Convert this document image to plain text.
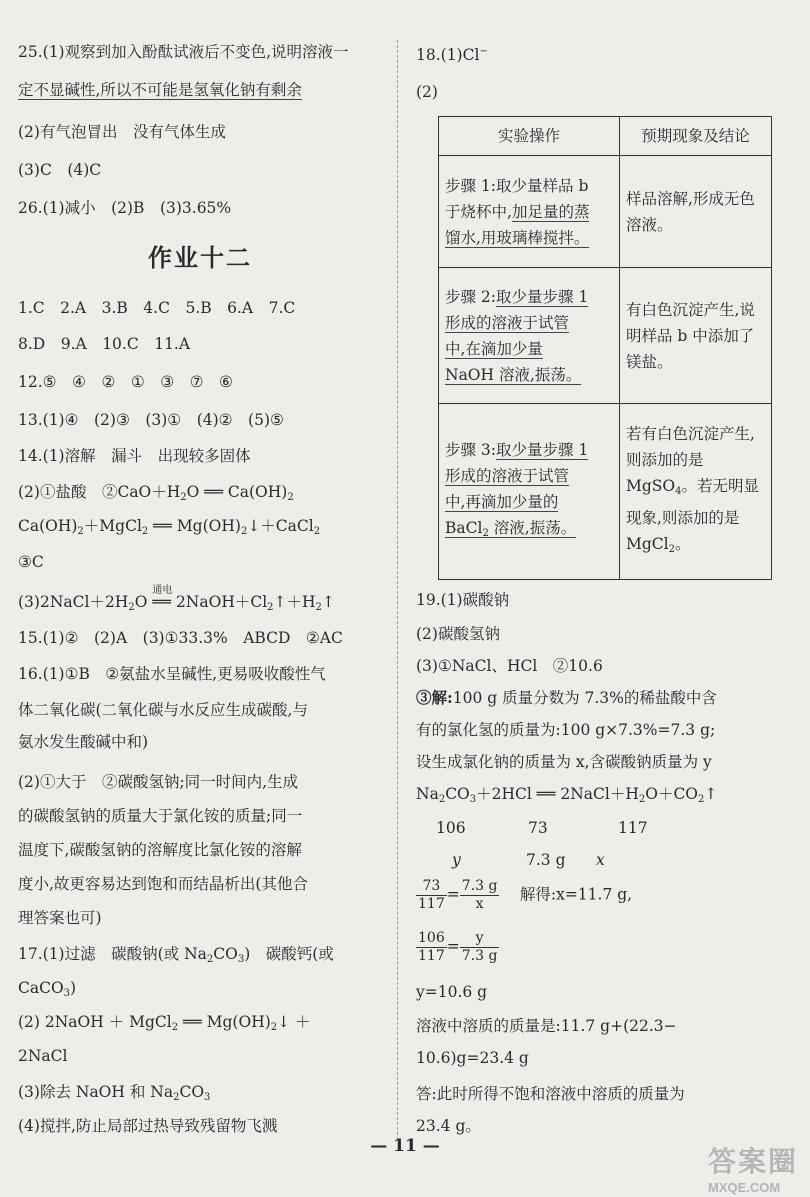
25.(1)观察到加入酚酞试液后不变色,说明溶液一
定不显碱性,所以不可能是氢氧化钠有剩余
(2)有气泡冒出　没有气体生成
(3)C　(4)C
26.(1)减小　(2)B　(3)3.65%
作业十二
1.C　2.A　3.B　4.C　5.B　6.A　7.C
8.D　9.A　10.C　11.A
12.⑤　④　②　①　③　⑦　⑥
13.(1)④　(2)③　(3)①　(4)②　(5)⑤
14.(1)溶解　漏斗　出现较多固体
(2)①盐酸　$②CaO+H_2O$ ══ $Ca(OH)_2$
$Ca(OH)_2+MgCl_2$ ══ $Mg(OH)_2↓+CaCl_2$
③C
$(3)2NaCl+2H_2O$
通电
══ $2NaOH+Cl_2↑+H_2↑$
15.(1)②　(2)A　(3)①33.3%　ABCD　②AC
16.(1)①B　②氨盐水呈碱性,更易吸收酸性气
体二氧化碳(二氧化碳与水反应生成碳酸,与
氨水发生酸碱中和)
(2)①大于　②碳酸氢钠;同一时间内,生成
的碳酸氢钠的质量大于氯化铵的质量;同一
温度下,碳酸氢钠的溶解度比氯化铵的溶解
度小,故更容易达到饱和而结晶析出(其他合
理答案也可)
17.(1)过滤　碳酸钠(或 $Na_2CO_3$)　碳酸钙(或
CaCO$_3$)
(2) 2NaOH ＋ MgCl$_2$ ══ $Mg(OH)_2↓$ ＋
2NaCl
(3)除去 NaOH 和 $Na_2CO_3$
(4)搅拌,防止局部过热导致残留物飞溅
18.(1)Cl−
(2)
实验操作	预期现象及结论
步骤 1:取少量样品 b
于烧杯中,加足量的蒸
馏水,用玻璃棒搅拌。	样品溶解,形成无色溶液。
步骤 2:取少量步骤 1
形成的溶液于试管
中,在滴加少量
NaOH 溶液,振荡。	有白色沉淀产生,说明样品 b 中添加了镁盐。
步骤 3:取少量步骤 1
形成的溶液于试管
中,再滴加少量的
BaCl$_2$ 溶液,振荡。	若有白色沉淀产生,则添加的是 MgSO$_4$。若无明显现象,则添加的是 MgCl$_2$。
19.(1)碳酸钠
(2)碳酸氢钠
(3)①NaCl、HCl　②10.6
③解:100 g 质量分数为 7.3%的稀盐酸中含
有的氯化氢的质量为:100 g×7.3%=7.3 g;
设生成氯化钠的质量为 x,含碳酸钠质量为 y
$Na_2CO_3+2HCl$ ══ $2NaCl+H_2O+CO_2↑$
106	73	117
y	7.3 g x
$\frac{73}{117} = \frac{7.3 g}{x}$
　 解得:x=11.7 g,
$\frac{106}{117} = \frac{y}{7.3 g}$
y=10.6 g
溶液中溶质的质量是:11.7 g+(22.3−
10.6)g=23.4 g
答:此时所得不饱和溶液中溶质的质量为
23.4 g。
— 11 —	答案圈
MXQE.COM
